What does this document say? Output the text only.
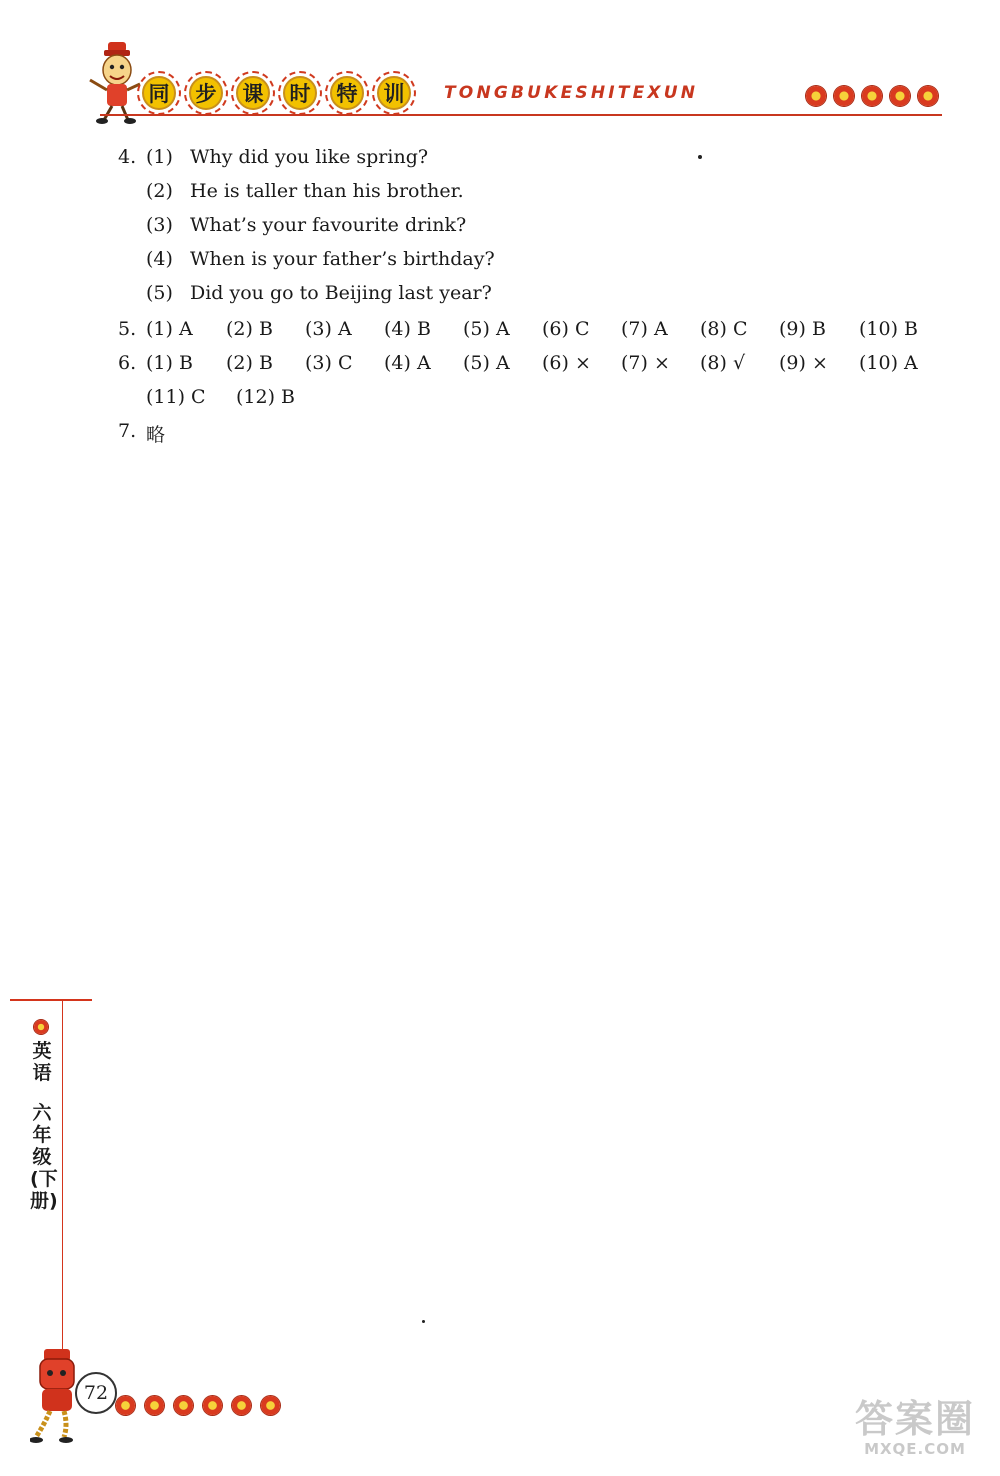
同	步	课	时	特	训	TONGBUKESHITEXUN
4. (1) Why did you like spring?
(2) He is taller than his brother.
(3) What’s your favourite drink?
(4) When is your father’s birthday?
(5) Did you go to Beijing last year?
5. (1) A (2) B (3) A (4) B (5) A (6) C (7) A (8) C (9) B (10) B
6. (1) B (2) B (3) C (4) A (5) A (6) × (7) × (8) √ (9) × (10) A
(11) C (12) B
7. 略
英语
六年级(下册)
72
答案圈
MXQE.COM
